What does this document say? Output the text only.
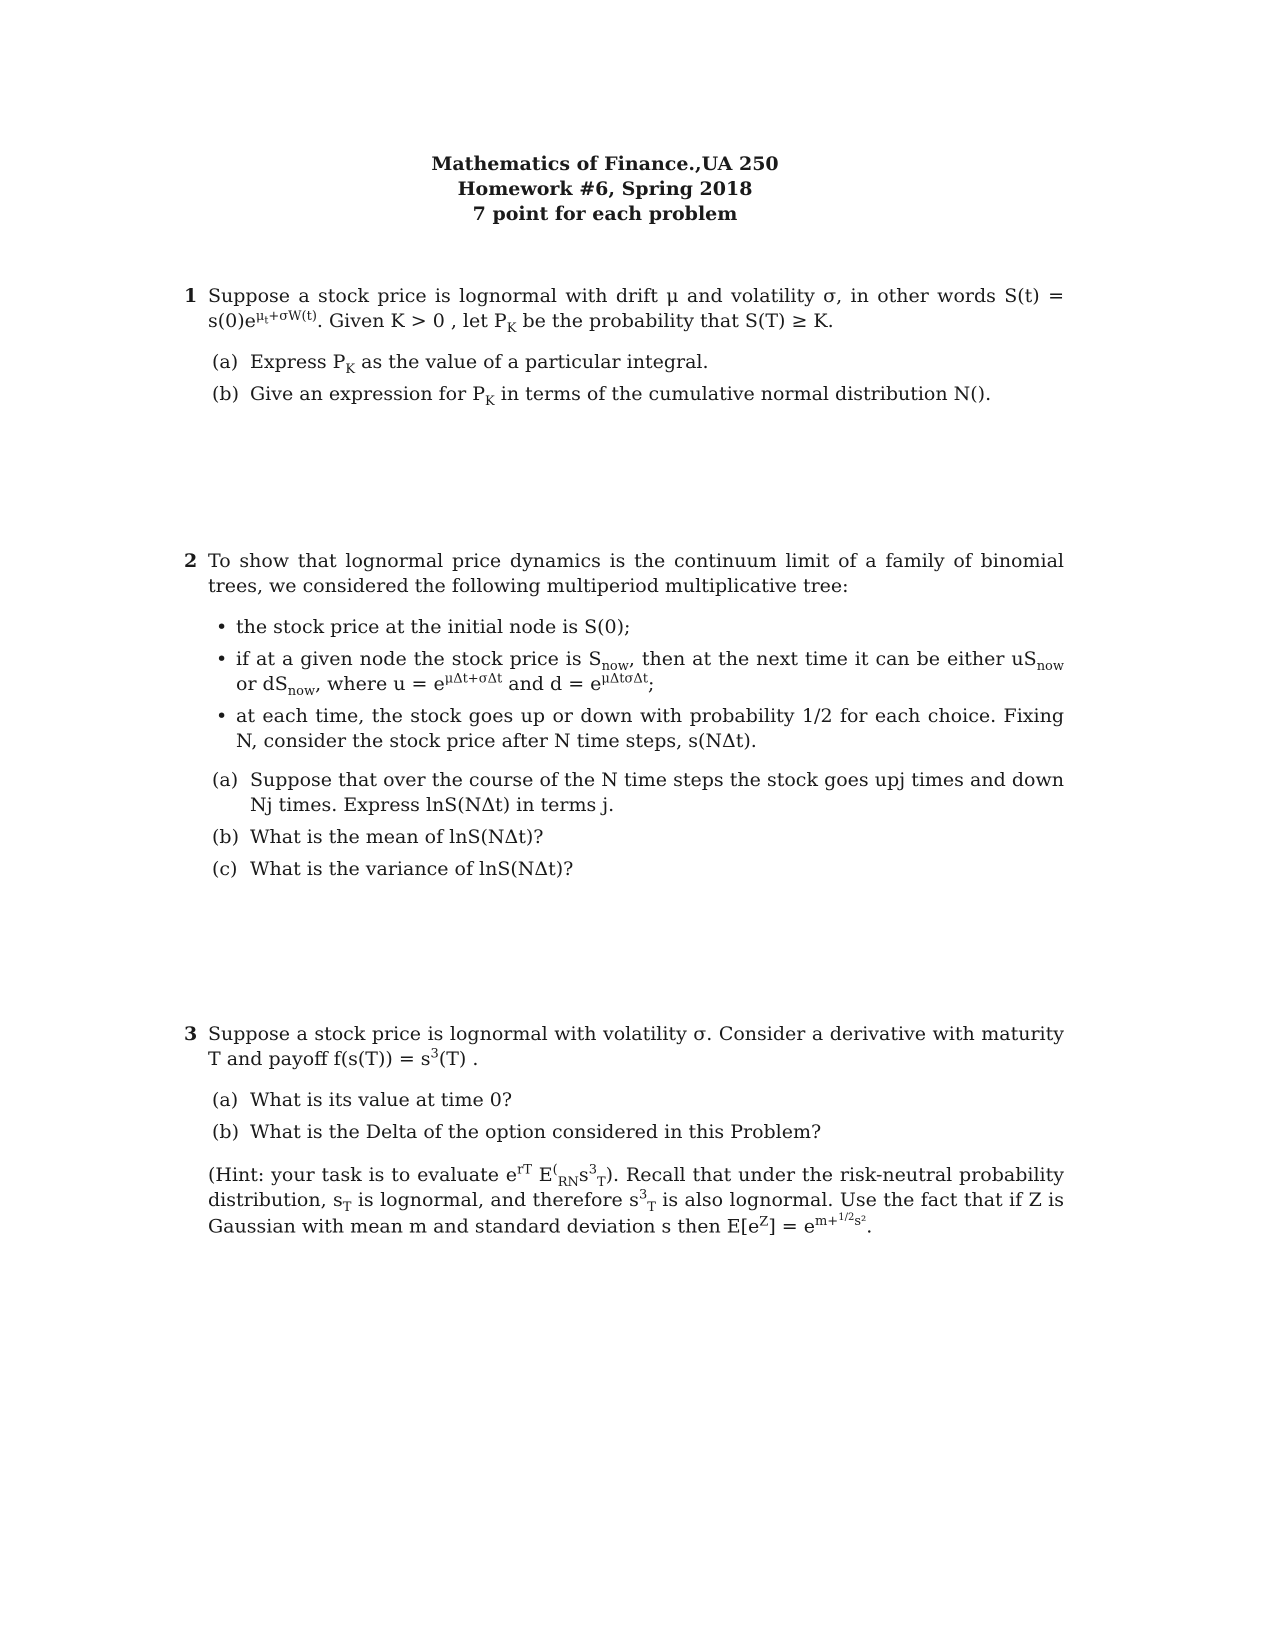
Mathematics of Finance.,UA 250
Homework #6, Spring 2018
7 point for each problem
1 Suppose a stock price is lognormal with drift μ and volatility σ, in other words $S(t) = s(0)e^{\mu_t+\sigma W(t)}$. Given K > 0 , let $P_K$ be the probability that S(T) ≥ K.
(a) Express $P_K$ as the value of a particular integral.
(b) Give an expression for $P_K$ in terms of the cumulative normal distribution N().
2 To show that lognormal price dynamics is the continuum limit of a family of binomial trees, we considered the following multiperiod multiplicative tree:
• the stock price at the initial node is S(0);
• if at a given node the stock price is $S_{now}$, then at the next time it can be either $uS_{now}$ or $dS_{now}$, where $u = e^{\mu\Delta t+\sigma\Delta t}$ and $d = e^{\mu\Delta t\sigma\Delta t}$;
• at each time, the stock goes up or down with probability 1/2 for each choice. Fixing N, consider the stock price after N time steps, s(NΔt).
(a) Suppose that over the course of the N time steps the stock goes upj times and down Nj times. Express lnS(NΔt) in terms j.
(b) What is the mean of lnS(NΔt)?
(c) What is the variance of lnS(NΔt)?
3 Suppose a stock price is lognormal with volatility σ. Consider a derivative with maturity T and payoff $f(s(T)) = s^3(T)$ .
(a) What is its value at time 0?
(b) What is the Delta of the option considered in this Problem?
(Hint: your task is to evaluate $e^{rT}$ $E^(_{RN}s^3_T$). Recall that under the risk-neutral probability distribution, $s_T$ is lognormal, and therefore $s^3_T$ is also lognormal. Use the fact that if Z is Gaussian with mean m and standard deviation s then $E[e^Z] = e^{m+1/2s^2}$.
